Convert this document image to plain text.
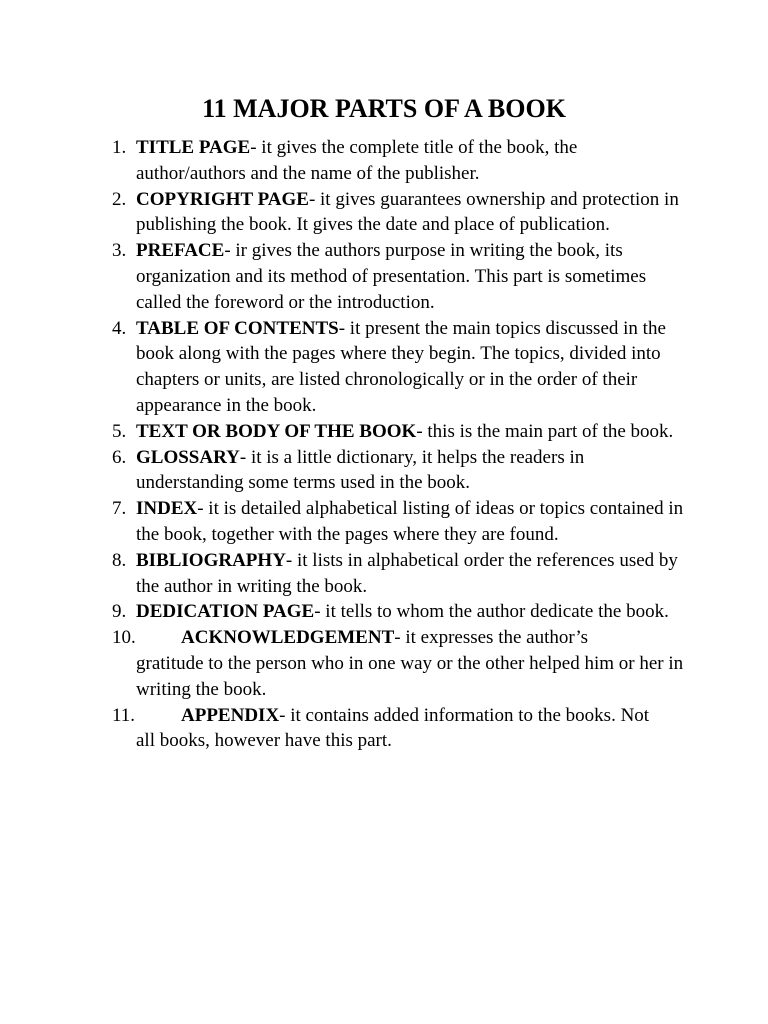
11 MAJOR PARTS OF A BOOK
1. TITLE PAGE- it gives the complete title of the book, the author/authors and the name of the publisher.
2. COPYRIGHT PAGE- it gives guarantees ownership and protection in publishing the book. It gives the date and place of publication.
3. PREFACE- ir gives the authors purpose in writing the book, its organization and its method of presentation. This part is sometimes called the foreword or the introduction.
4. TABLE OF CONTENTS- it present the main topics discussed in the book along with the pages where they begin. The topics, divided into chapters or units, are listed chronologically or in the order of their appearance in the book.
5. TEXT OR BODY OF THE BOOK- this is the main part of the book.
6. GLOSSARY- it is a little dictionary, it helps the readers in understanding some terms used in the book.
7. INDEX- it is detailed alphabetical listing of ideas or topics contained in the book, together with the pages where they are found.
8. BIBLIOGRAPHY- it lists in alphabetical order the references used by the author in writing the book.
9. DEDICATION PAGE- it tells to whom the author dedicate the book.
10. ACKNOWLEDGEMENT- it expresses the author’s
gratitude to the person who in one way or the other helped him or her in writing the book.
11. APPENDIX- it contains added information to the books. Not
all books, however have this part.
